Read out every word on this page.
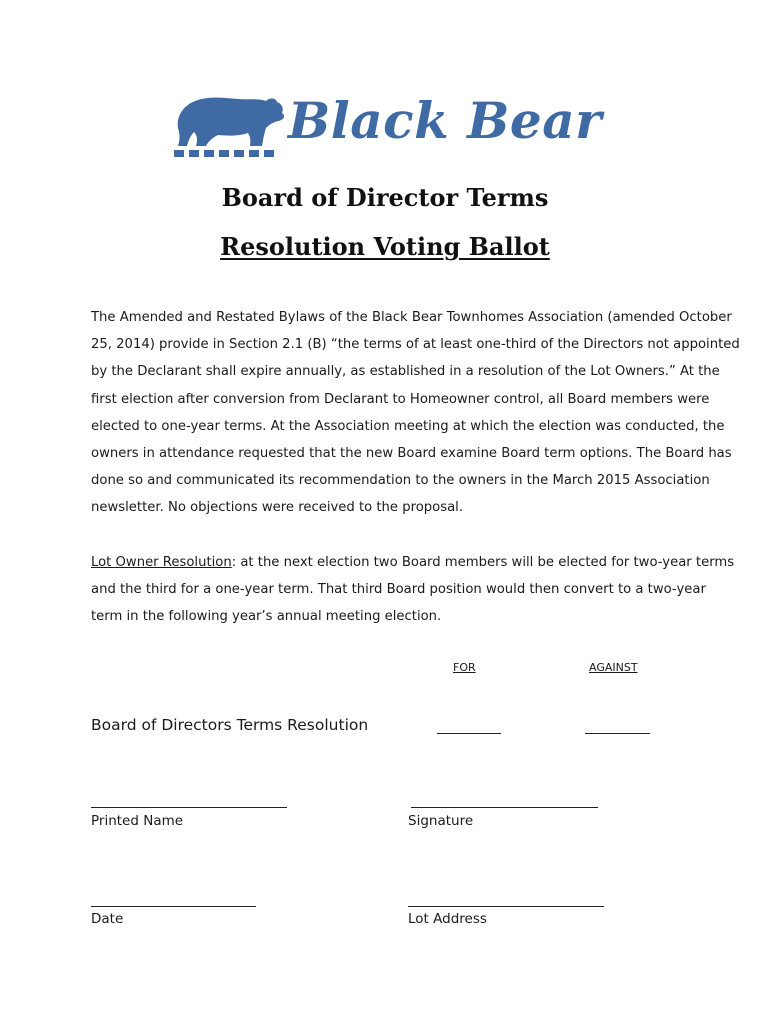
Black Bear
Board of Director Terms
Resolution Voting Ballot

The Amended and Restated Bylaws of the Black Bear Townhomes Association (amended October
25, 2014) provide in Section 2.1 (B) “the terms of at least one-third of the Directors not appointed
by the Declarant shall expire annually, as established in a resolution of the Lot Owners.” At the
first election after conversion from Declarant to Homeowner control, all Board members were
elected to one-year terms. At the Association meeting at which the election was conducted, the
owners in attendance requested that the new Board examine Board term options. The Board has
done so and communicated its recommendation to the owners in the March 2015 Association
newsletter. No objections were received to the proposal.

Lot Owner Resolution: at the next election two Board members will be elected for two-year terms
and the third for a one-year term. That third Board position would then convert to a two-year
term in the following year’s annual meeting election.

FOR	AGAINST
Board of Directors Terms Resolution
Printed Name	Signature
Date	Lot Address
